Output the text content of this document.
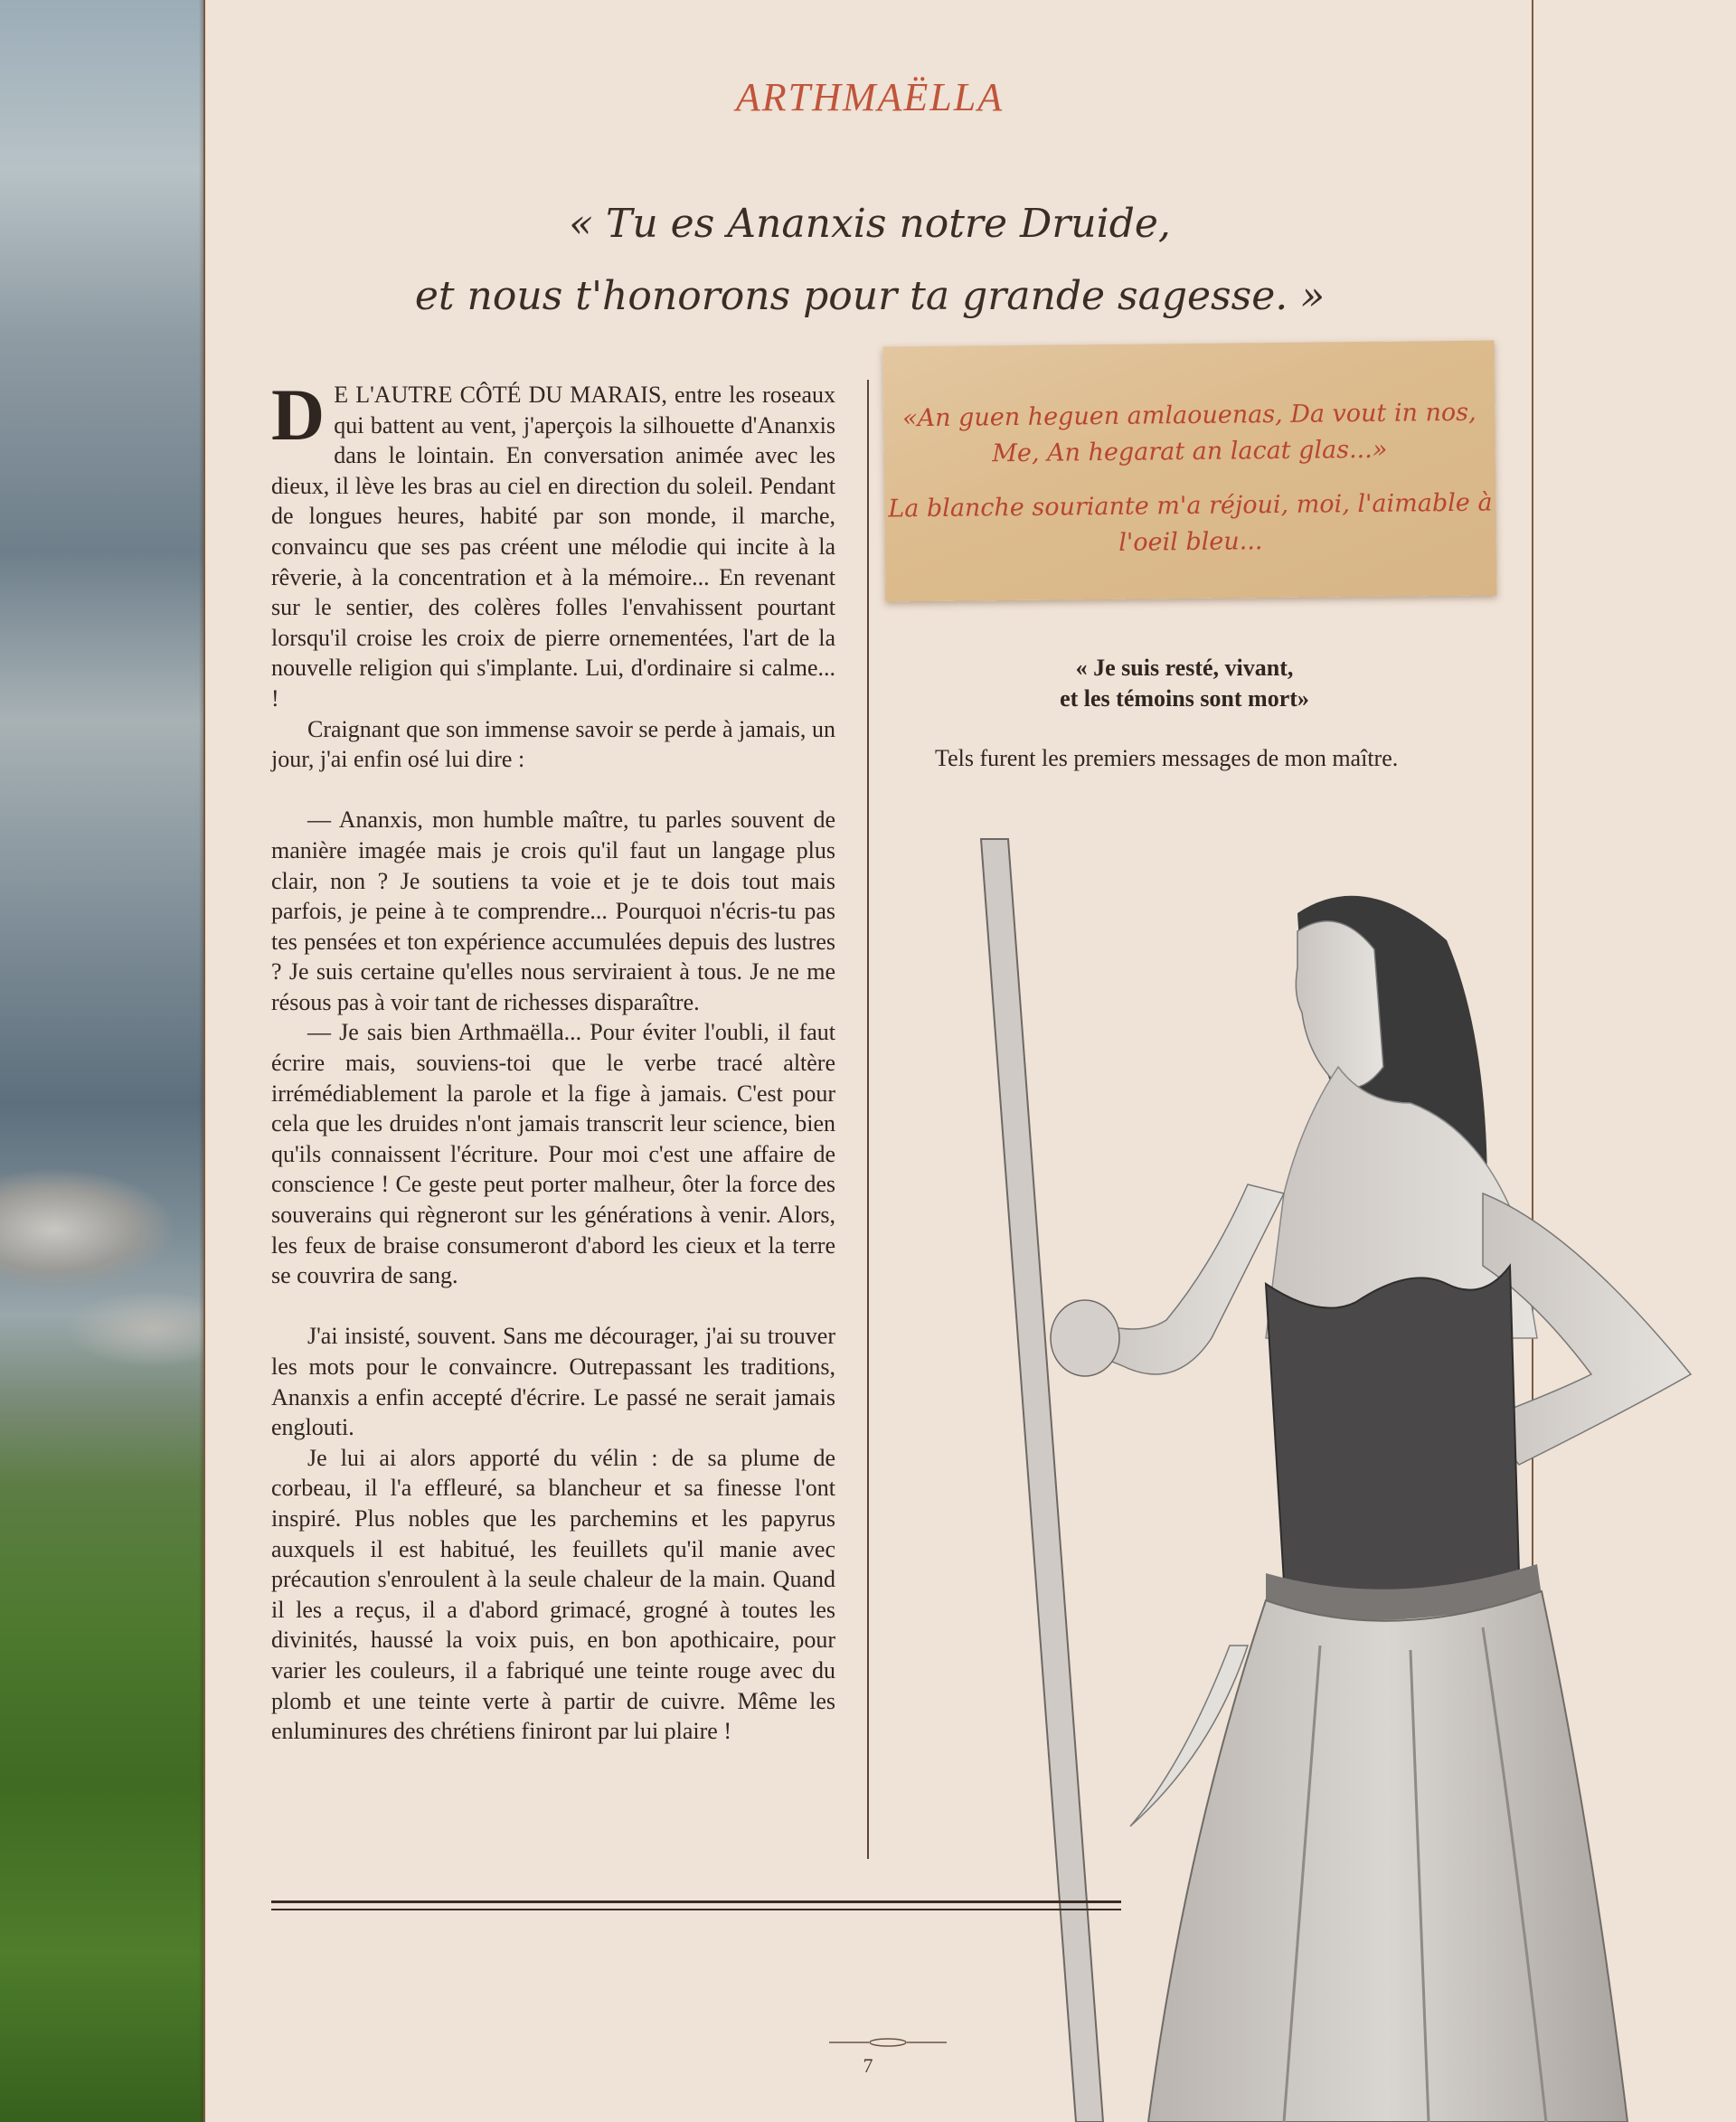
ARTHMAËLLA
« Tu es Ananxis notre Druide,
et nous t'honorons pour ta grande sagesse. »

D E L'AUTRE CÔTÉ DU MARAIS, entre les roseaux qui battent au vent, j'aperçois la silhouette d'Ananxis dans le lointain. En conversation animée avec les dieux, il lève les bras au ciel en direction du soleil. Pendant de longues heures, habité par son monde, il marche, convaincu que ses pas créent une mélodie qui incite à la rêverie, à la concentration et à la mémoire... En revenant sur le sentier, des colères folles l'envahissent pourtant lorsqu'il croise les croix de pierre ornementées, l'art de la nouvelle religion qui s'implante. Lui, d'ordinaire si calme... !

Craignant que son immense savoir se perde à jamais, un jour, j'ai enfin osé lui dire :

— Ananxis, mon humble maître, tu parles souvent de manière imagée mais je crois qu'il faut un langage plus clair, non ? Je soutiens ta voie et je te dois tout mais parfois, je peine à te comprendre... Pourquoi n'écris-tu pas tes pensées et ton expérience accumulées depuis des lustres ? Je suis certaine qu'elles nous serviraient à tous. Je ne me résous pas à voir tant de richesses disparaître.

— Je sais bien Arthmaëlla... Pour éviter l'oubli, il faut écrire mais, souviens-toi que le verbe tracé altère irrémédiablement la parole et la fige à jamais. C'est pour cela que les druides n'ont jamais transcrit leur science, bien qu'ils connaissent l'écriture. Pour moi c'est une affaire de conscience ! Ce geste peut porter malheur, ôter la force des souverains qui règneront sur les générations à venir. Alors, les feux de braise consumeront d'abord les cieux et la terre se couvrira de sang.

J'ai insisté, souvent. Sans me décourager, j'ai su trouver les mots pour le convaincre. Outrepassant les traditions, Ananxis a enfin accepté d'écrire. Le passé ne serait jamais englouti.

Je lui ai alors apporté du vélin : de sa plume de corbeau, il l'a effleuré, sa blancheur et sa finesse l'ont inspiré. Plus nobles que les parchemins et les papyrus auxquels il est habitué, les feuillets qu'il manie avec précaution s'enroulent à la seule chaleur de la main. Quand il les a reçus, il a d'abord grimacé, grogné à toutes les divinités, haussé la voix puis, en bon apothicaire, pour varier les couleurs, il a fabriqué une teinte rouge avec du plomb et une teinte verte à partir de cuivre. Même les enluminures des chrétiens finiront par lui plaire !

«An guen heguen amlaouenas, Da vout in nos, Me, An hegarat an lacat glas...»
La blanche souriante m'a réjoui, moi, l'aimable à l'oeil bleu...
« Je suis resté, vivant,
et les témoins sont mort»
Tels furent les premiers messages de mon maître.
7
